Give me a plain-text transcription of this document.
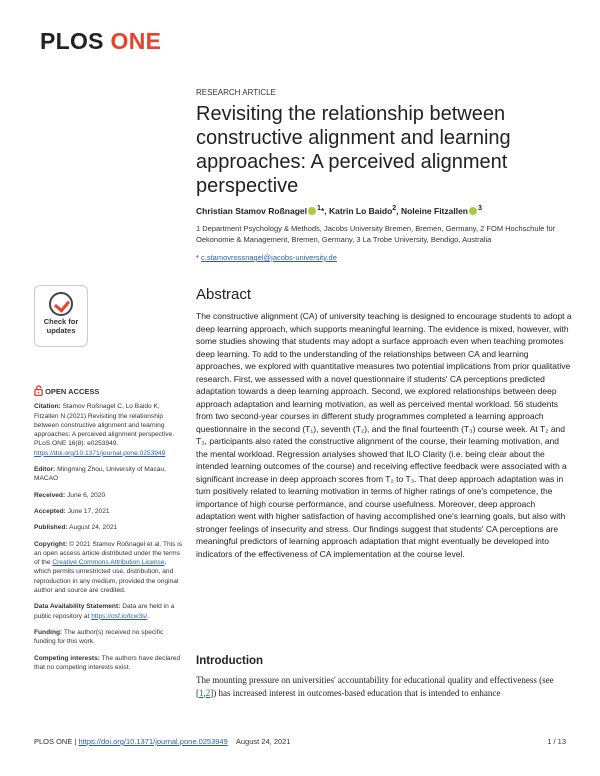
PLOS ONE
RESEARCH ARTICLE
Revisiting the relationship between constructive alignment and learning approaches: A perceived alignment perspective
Christian Stamov Roßnagel $^1$*, Katrin Lo Baido$^2$, Noleine Fitzallen $^3$
1 Department Psychology & Methods, Jacobs University Bremen, Bremen, Germany, 2 FOM Hochschule für Oekonomie & Management, Bremen, Germany, 3 La Trobe University, Bendigo, Australia
* c.stamovrossnagel@jacobs-university.de
Abstract
The constructive alignment (CA) of university teaching is designed to encourage students to adopt a deep learning approach, which supports meaningful learning. The evidence is mixed, however, with some studies showing that students may adopt a surface approach even when teaching promotes deep learning. To add to the understanding of the relationships between CA and learning approaches, we explored with quantitative measures two potential implications from prior qualitative research. First, we assessed with a novel questionnaire if students' CA perceptions predicted adaptation towards a deep learning approach. Second, we explored relationships between deep approach adaptation and learning motivation, as well as perceived mental workload. 56 students from two second-year courses in different study programmes completed a learning approach questionnaire in the second (T₁), seventh (T₂), and the final fourteenth (T₃) course week. At T₂ and T₃, participants also rated the constructive alignment of the course, their learning motivation, and the mental workload. Regression analyses showed that ILO Clarity (i.e. being clear about the intended learning outcomes of the course) and receiving effective feedback were associated with a significant increase in deep approach scores from T₂ to T₃. That deep approach adaptation was in turn positively related to learning motivation in terms of higher ratings of one's competence, the importance of high course performance, and course usefulness. Moreover, deep approach adaptation went with higher satisfaction of having accomplished one's learning goals, but also with stronger feelings of insecurity and stress. Our findings suggest that students' CA perceptions are meaningful predictors of learning approach adaptation that might eventually be developed into indicators of the effectiveness of CA implementation at the course level.
Introduction
The mounting pressure on universities' accountability for educational quality and effectiveness (see [1,2]) has increased interest in outcomes-based education that is intended to enhance
Check for
updates
OPEN ACCESS
Citation: Stamov Roßnagel C, Lo Baido K, Fitzallen N (2021) Revisiting the relationship between constructive alignment and learning approaches: A perceived alignment perspective. PLoS ONE 16(8): e0253949. https://doi.org/10.1371/journal.pone.0253949
Editor: Mingming Zhou, University of Macau, MACAO
Received: June 6, 2020
Accepted: June 17, 2021
Published: August 24, 2021
Copyright: © 2021 Stamov Roßnagel et al. This is an open access article distributed under the terms of the Creative Commons Attribution License, which permits unrestricted use, distribution, and reproduction in any medium, provided the original author and source are credited.
Data Availability Statement: Data are held in a public repository at https://osf.io/tcw3s/.
Funding: The author(s) received no specific funding for this work.
Competing interests: The authors have declared that no competing interests exist.
PLOS ONE | https://doi.org/10.1371/journal.pone.0253949 August 24, 2021	1 / 13
